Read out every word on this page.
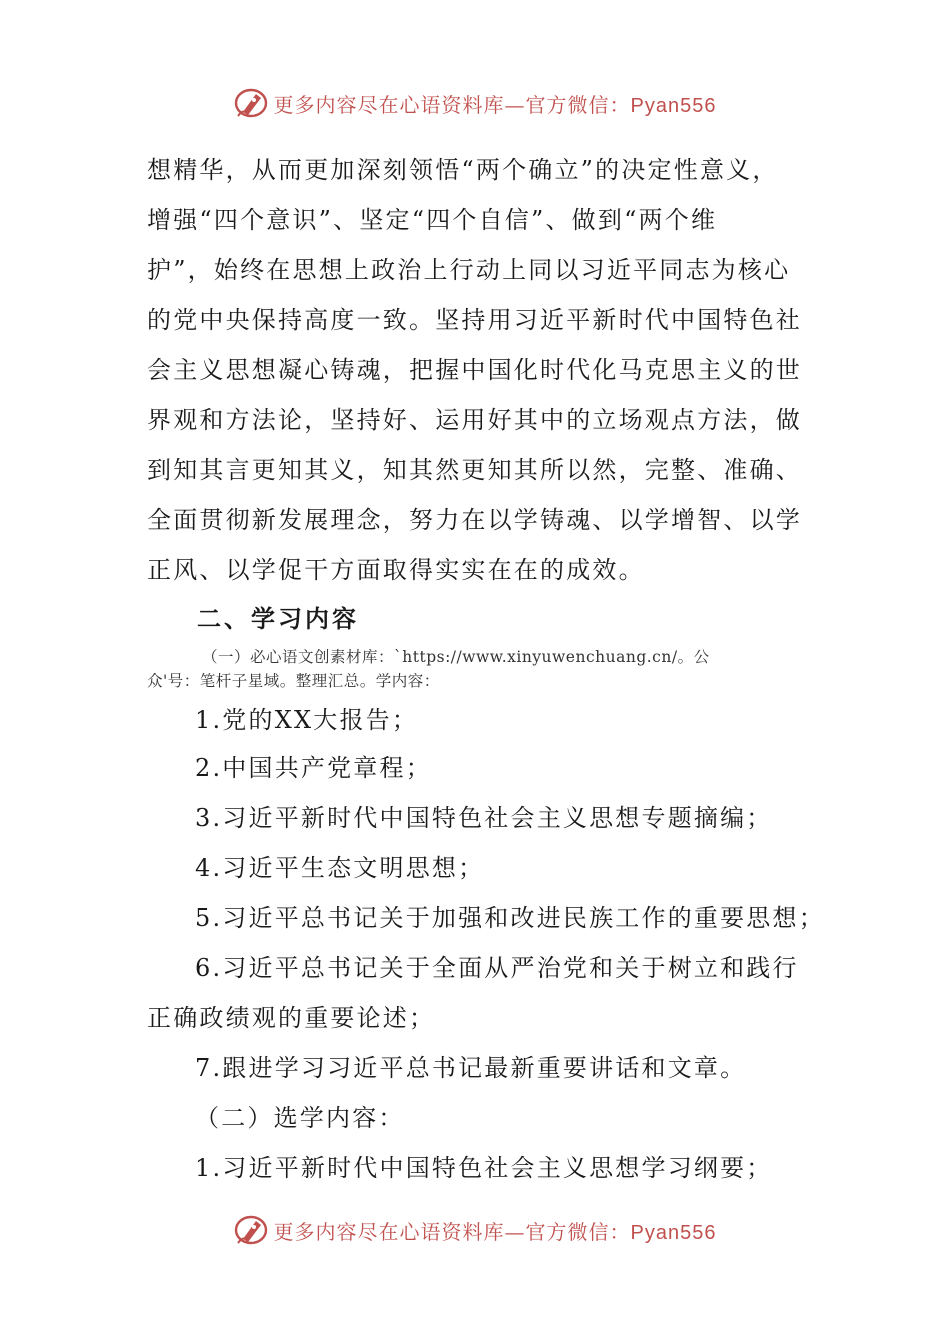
更多内容尽在心语资料库—官方微信：Pyan556
想精华，从而更加深刻领悟“两个确立”的决定性意义，
增强“四个意识”、坚定“四个自信”、做到“两个维
护”，始终在思想上政治上行动上同以习近平同志为核心
的党中央保持高度一致。坚持用习近平新时代中国特色社
会主义思想凝心铸魂，把握中国化时代化马克思主义的世
界观和方法论，坚持好、运用好其中的立场观点方法，做
到知其言更知其义，知其然更知其所以然，完整、准确、
全面贯彻新发展理念，努力在以学铸魂、以学增智、以学
正风、以学促干方面取得实实在在的成效。
二、学习内容
（一）必心语文创素材库：`https://www.xinyuwenchuang.cn/。公
众'号：笔杆子星域。整理汇总。学内容：
1.党的XX大报告；
2.中国共产党章程；
3.习近平新时代中国特色社会主义思想专题摘编；
4.习近平生态文明思想；
5.习近平总书记关于加强和改进民族工作的重要思想；
6.习近平总书记关于全面从严治党和关于树立和践行
正确政绩观的重要论述；
7.跟进学习习近平总书记最新重要讲话和文章。
（二）选学内容：
1.习近平新时代中国特色社会主义思想学习纲要；
更多内容尽在心语资料库—官方微信：Pyan556
